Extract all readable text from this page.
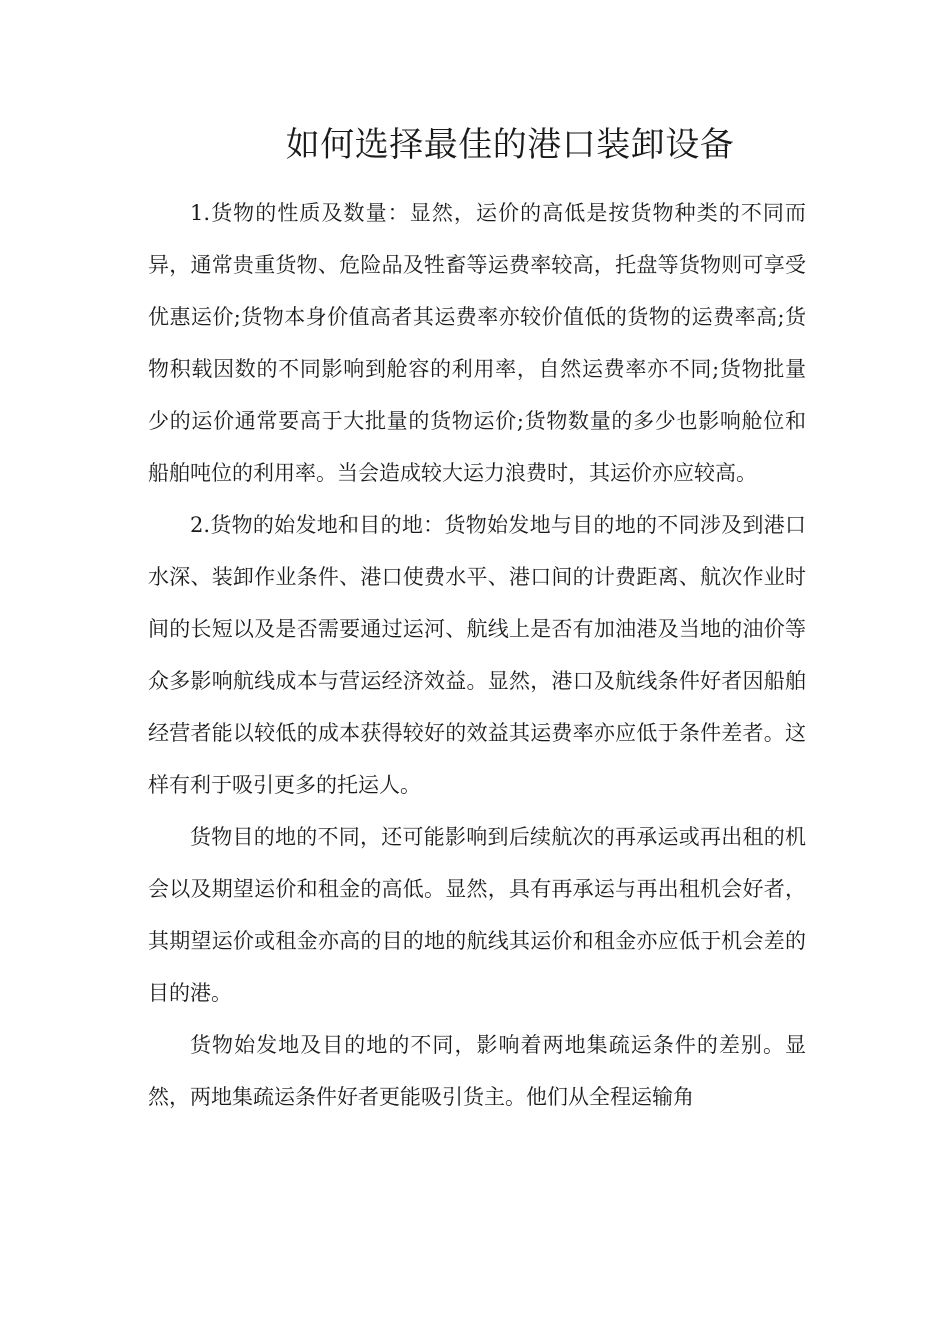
如何选择最佳的港口装卸设备

1.货物的性质及数量：显然，运价的高低是按货物种类的不同而异，通常贵重货物、危险品及牲畜等运费率较高，托盘等货物则可享受优惠运价;货物本身价值高者其运费率亦较价值低的货物的运费率高;货物积载因数的不同影响到舱容的利用率，自然运费率亦不同;货物批量少的运价通常要高于大批量的货物运价;货物数量的多少也影响舱位和船舶吨位的利用率。当会造成较大运力浪费时，其运价亦应较高。

2.货物的始发地和目的地：货物始发地与目的地的不同涉及到港口水深、装卸作业条件、港口使费水平、港口间的计费距离、航次作业时间的长短以及是否需要通过运河、航线上是否有加油港及当地的油价等众多影响航线成本与营运经济效益。显然，港口及航线条件好者因船舶经营者能以较低的成本获得较好的效益其运费率亦应低于条件差者。这样有利于吸引更多的托运人。

货物目的地的不同，还可能影响到后续航次的再承运或再出租的机会以及期望运价和租金的高低。显然，具有再承运与再出租机会好者，其期望运价或租金亦高的目的地的航线其运价和租金亦应低于机会差的目的港。

货物始发地及目的地的不同，影响着两地集疏运条件的差别。显然，两地集疏运条件好者更能吸引货主。他们从全程运输角
